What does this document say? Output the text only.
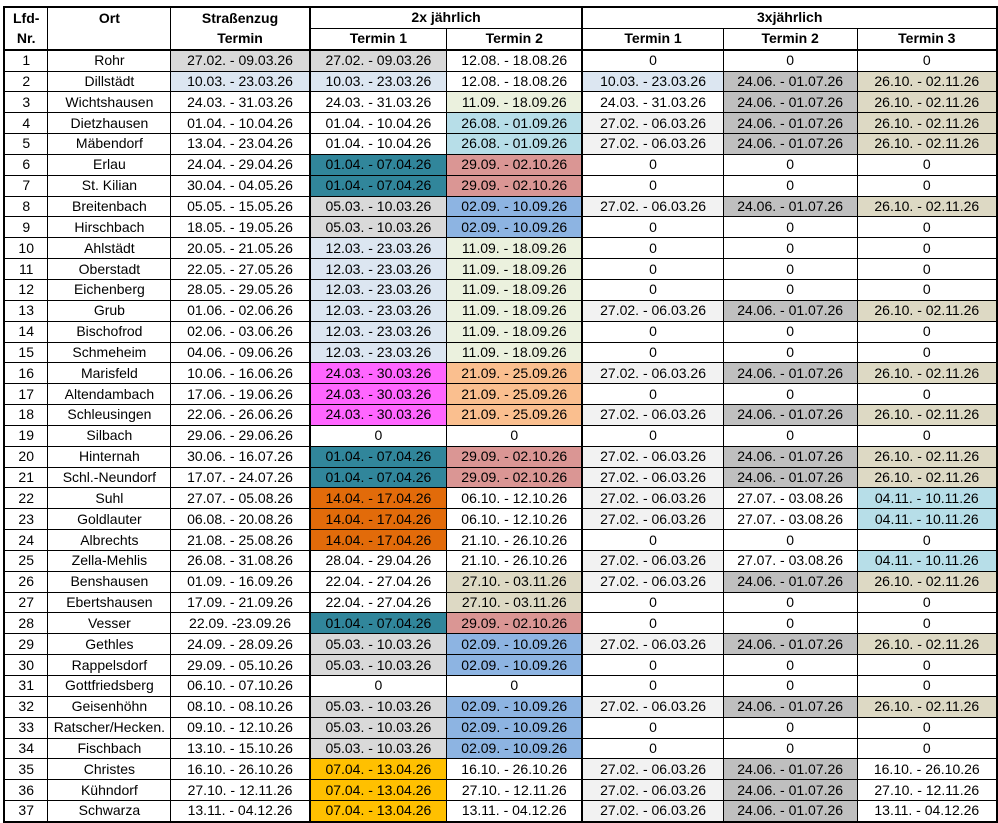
Lfd-	Ort	Straßenzug	2x jährlich		3xjährlich		
Nr.		Termin	Termin 1	Termin 2	Termin 1	Termin 2	Termin 3
1	Rohr	27.02. - 09.03.26	27.02. - 09.03.26	12.08. - 18.08.26	0	0	0
2	Dillstädt	10.03. - 23.03.26	10.03. - 23.03.26	12.08. - 18.08.26	10.03. - 23.03.26	24.06. - 01.07.26	26.10. - 02.11.26
3	Wichtshausen	24.03. - 31.03.26	24.03. - 31.03.26	11.09. - 18.09.26	24.03. - 31.03.26	24.06. - 01.07.26	26.10. - 02.11.26
4	Dietzhausen	01.04. - 10.04.26	01.04. - 10.04.26	26.08. - 01.09.26	27.02. - 06.03.26	24.06. - 01.07.26	26.10. - 02.11.26
5	Mäbendorf	13.04. - 23.04.26	01.04. - 10.04.26	26.08. - 01.09.26	27.02. - 06.03.26	24.06. - 01.07.26	26.10. - 02.11.26
6	Erlau	24.04. - 29.04.26	01.04. - 07.04.26	29.09. - 02.10.26	0	0	0
7	St. Kilian	30.04. - 04.05.26	01.04. - 07.04.26	29.09. - 02.10.26	0	0	0
8	Breitenbach	05.05. - 15.05.26	05.03. - 10.03.26	02.09. - 10.09.26	27.02. - 06.03.26	24.06. - 01.07.26	26.10. - 02.11.26
9	Hirschbach	18.05. - 19.05.26	05.03. - 10.03.26	02.09. - 10.09.26	0	0	0
10	Ahlstädt	20.05. - 21.05.26	12.03. - 23.03.26	11.09. - 18.09.26	0	0	0
11	Oberstadt	22.05. - 27.05.26	12.03. - 23.03.26	11.09. - 18.09.26	0	0	0
12	Eichenberg	28.05. - 29.05.26	12.03. - 23.03.26	11.09. - 18.09.26	0	0	0
13	Grub	01.06. - 02.06.26	12.03. - 23.03.26	11.09. - 18.09.26	27.02. - 06.03.26	24.06. - 01.07.26	26.10. - 02.11.26
14	Bischofrod	02.06. - 03.06.26	12.03. - 23.03.26	11.09. - 18.09.26	0	0	0
15	Schmeheim	04.06. - 09.06.26	12.03. - 23.03.26	11.09. - 18.09.26	0	0	0
16	Marisfeld	10.06. - 16.06.26	24.03. - 30.03.26	21.09. - 25.09.26	27.02. - 06.03.26	24.06. - 01.07.26	26.10. - 02.11.26
17	Altendambach	17.06. - 19.06.26	24.03. - 30.03.26	21.09. - 25.09.26	0	0	0
18	Schleusingen	22.06. - 26.06.26	24.03. - 30.03.26	21.09. - 25.09.26	27.02. - 06.03.26	24.06. - 01.07.26	26.10. - 02.11.26
19	Silbach	29.06. - 29.06.26	0	0	0	0	0
20	Hinternah	30.06. - 16.07.26	01.04. - 07.04.26	29.09. - 02.10.26	27.02. - 06.03.26	24.06. - 01.07.26	26.10. - 02.11.26
21	Schl.-Neundorf	17.07. - 24.07.26	01.04. - 07.04.26	29.09. - 02.10.26	27.02. - 06.03.26	24.06. - 01.07.26	26.10. - 02.11.26
22	Suhl	27.07. - 05.08.26	14.04. - 17.04.26	06.10. - 12.10.26	27.02. - 06.03.26	27.07. - 03.08.26	04.11. - 10.11.26
23	Goldlauter	06.08. - 20.08.26	14.04. - 17.04.26	06.10. - 12.10.26	27.02. - 06.03.26	27.07. - 03.08.26	04.11. - 10.11.26
24	Albrechts	21.08. - 25.08.26	14.04. - 17.04.26	21.10. - 26.10.26	0	0	0
25	Zella-Mehlis	26.08. - 31.08.26	28.04. - 29.04.26	21.10. - 26.10.26	27.02. - 06.03.26	27.07. - 03.08.26	04.11. - 10.11.26
26	Benshausen	01.09. - 16.09.26	22.04. - 27.04.26	27.10. - 03.11.26	27.02. - 06.03.26	24.06. - 01.07.26	26.10. - 02.11.26
27	Ebertshausen	17.09. - 21.09.26	22.04. - 27.04.26	27.10. - 03.11.26	0	0	0
28	Vesser	22.09. -23.09.26	01.04. - 07.04.26	29.09. - 02.10.26	0	0	0
29	Gethles	24.09. - 28.09.26	05.03. - 10.03.26	02.09. - 10.09.26	27.02. - 06.03.26	24.06. - 01.07.26	26.10. - 02.11.26
30	Rappelsdorf	29.09. - 05.10.26	05.03. - 10.03.26	02.09. - 10.09.26	0	0	0
31	Gottfriedsberg	06.10. - 07.10.26	0	0	0	0	0
32	Geisenhöhn	08.10. - 08.10.26	05.03. - 10.03.26	02.09. - 10.09.26	27.02. - 06.03.26	24.06. - 01.07.26	26.10. - 02.11.26
33	Ratscher/Hecken.	09.10. - 12.10.26	05.03. - 10.03.26	02.09. - 10.09.26	0	0	0
34	Fischbach	13.10. - 15.10.26	05.03. - 10.03.26	02.09. - 10.09.26	0	0	0
35	Christes	16.10. - 26.10.26	07.04. - 13.04.26	16.10. - 26.10.26	27.02. - 06.03.26	24.06. - 01.07.26	16.10. - 26.10.26
36	Kühndorf	27.10. - 12.11.26	07.04. - 13.04.26	27.10. - 12.11.26	27.02. - 06.03.26	24.06. - 01.07.26	27.10. - 12.11.26
37	Schwarza	13.11. - 04.12.26	07.04. - 13.04.26	13.11. - 04.12.26	27.02. - 06.03.26	24.06. - 01.07.26	13.11. - 04.12.26
